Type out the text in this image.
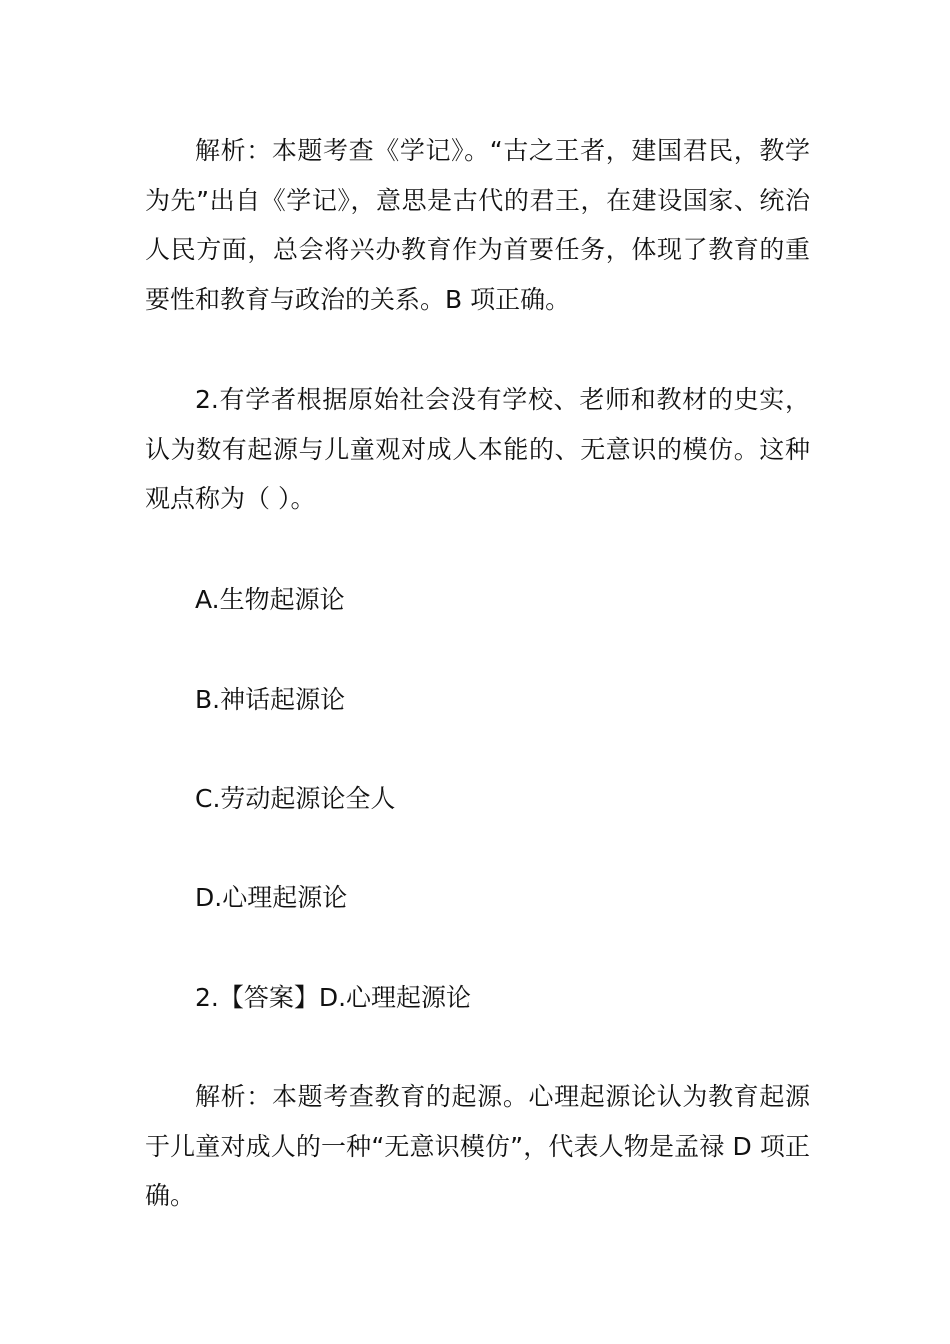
解析：本题考查《学记》。“古之王者，建国君民，教学为先”出自《学记》，意思是古代的君王，在建设国家、统治人民方面，总会将兴办教育作为首要任务，体现了教育的重要性和教育与政治的关系。B 项正确。

2.有学者根据原始社会没有学校、老师和教材的史实，认为数有起源与儿童观对成人本能的、无意识的模仿。这种观点称为（ ）。

A.生物起源论

B.神话起源论

C.劳动起源论全人

D.心理起源论

2.【答案】D.心理起源论

解析：本题考查教育的起源。心理起源论认为教育起源于儿童对成人的一种“无意识模仿”，代表人物是孟禄 D 项正确。
